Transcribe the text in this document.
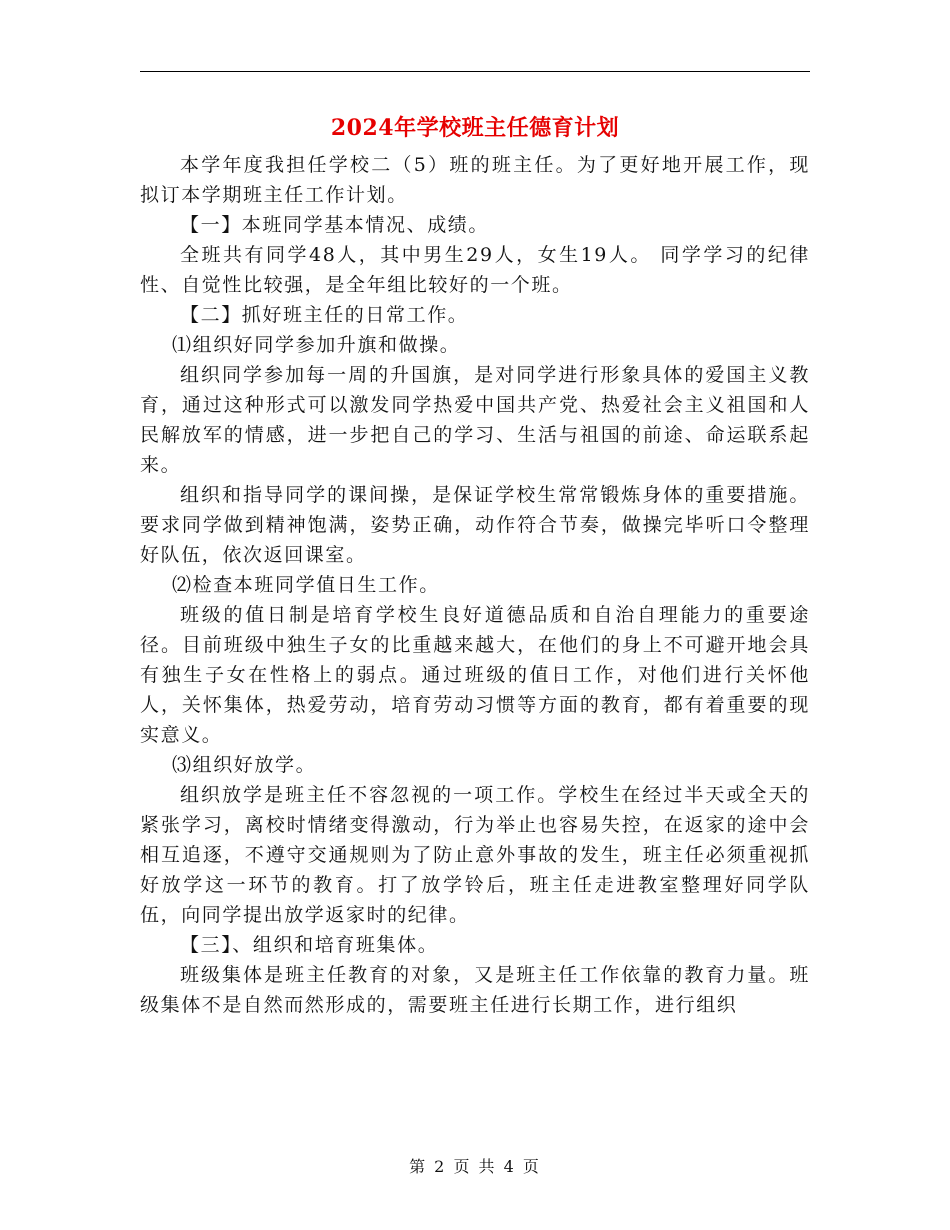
2024年学校班主任德育计划

本学年度我担任学校二（5）班的班主任。为了更好地开展工作，现拟订本学期班主任工作计划。

【一】本班同学基本情况、成绩。

全班共有同学48人，其中男生29人，女生19人。 同学学习的纪律性、自觉性比较强，是全年组比较好的一个班。

【二】抓好班主任的日常工作。

⑴组织好同学参加升旗和做操。

组织同学参加每一周的升国旗，是对同学进行形象具体的爱国主义教育，通过这种形式可以激发同学热爱中国共产党、热爱社会主义祖国和人民解放军的情感，进一步把自己的学习、生活与祖国的前途、命运联系起来。

组织和指导同学的课间操，是保证学校生常常锻炼身体的重要措施。要求同学做到精神饱满，姿势正确，动作符合节奏，做操完毕听口令整理好队伍，依次返回课室。

⑵检查本班同学值日生工作。

班级的值日制是培育学校生良好道德品质和自治自理能力的重要途径。目前班级中独生子女的比重越来越大，在他们的身上不可避开地会具有独生子女在性格上的弱点。通过班级的值日工作，对他们进行关怀他人，关怀集体，热爱劳动，培育劳动习惯等方面的教育，都有着重要的现实意义。

⑶组织好放学。

组织放学是班主任不容忽视的一项工作。学校生在经过半天或全天的紧张学习，离校时情绪变得激动，行为举止也容易失控，在返家的途中会相互追逐，不遵守交通规则为了防止意外事故的发生，班主任必须重视抓好放学这一环节的教育。打了放学铃后，班主任走进教室整理好同学队伍，向同学提出放学返家时的纪律。

【三】、组织和培育班集体。

班级集体是班主任教育的对象，又是班主任工作依靠的教育力量。班级集体不是自然而然形成的，需要班主任进行长期工作，进行组织

第 2 页 共 4 页
